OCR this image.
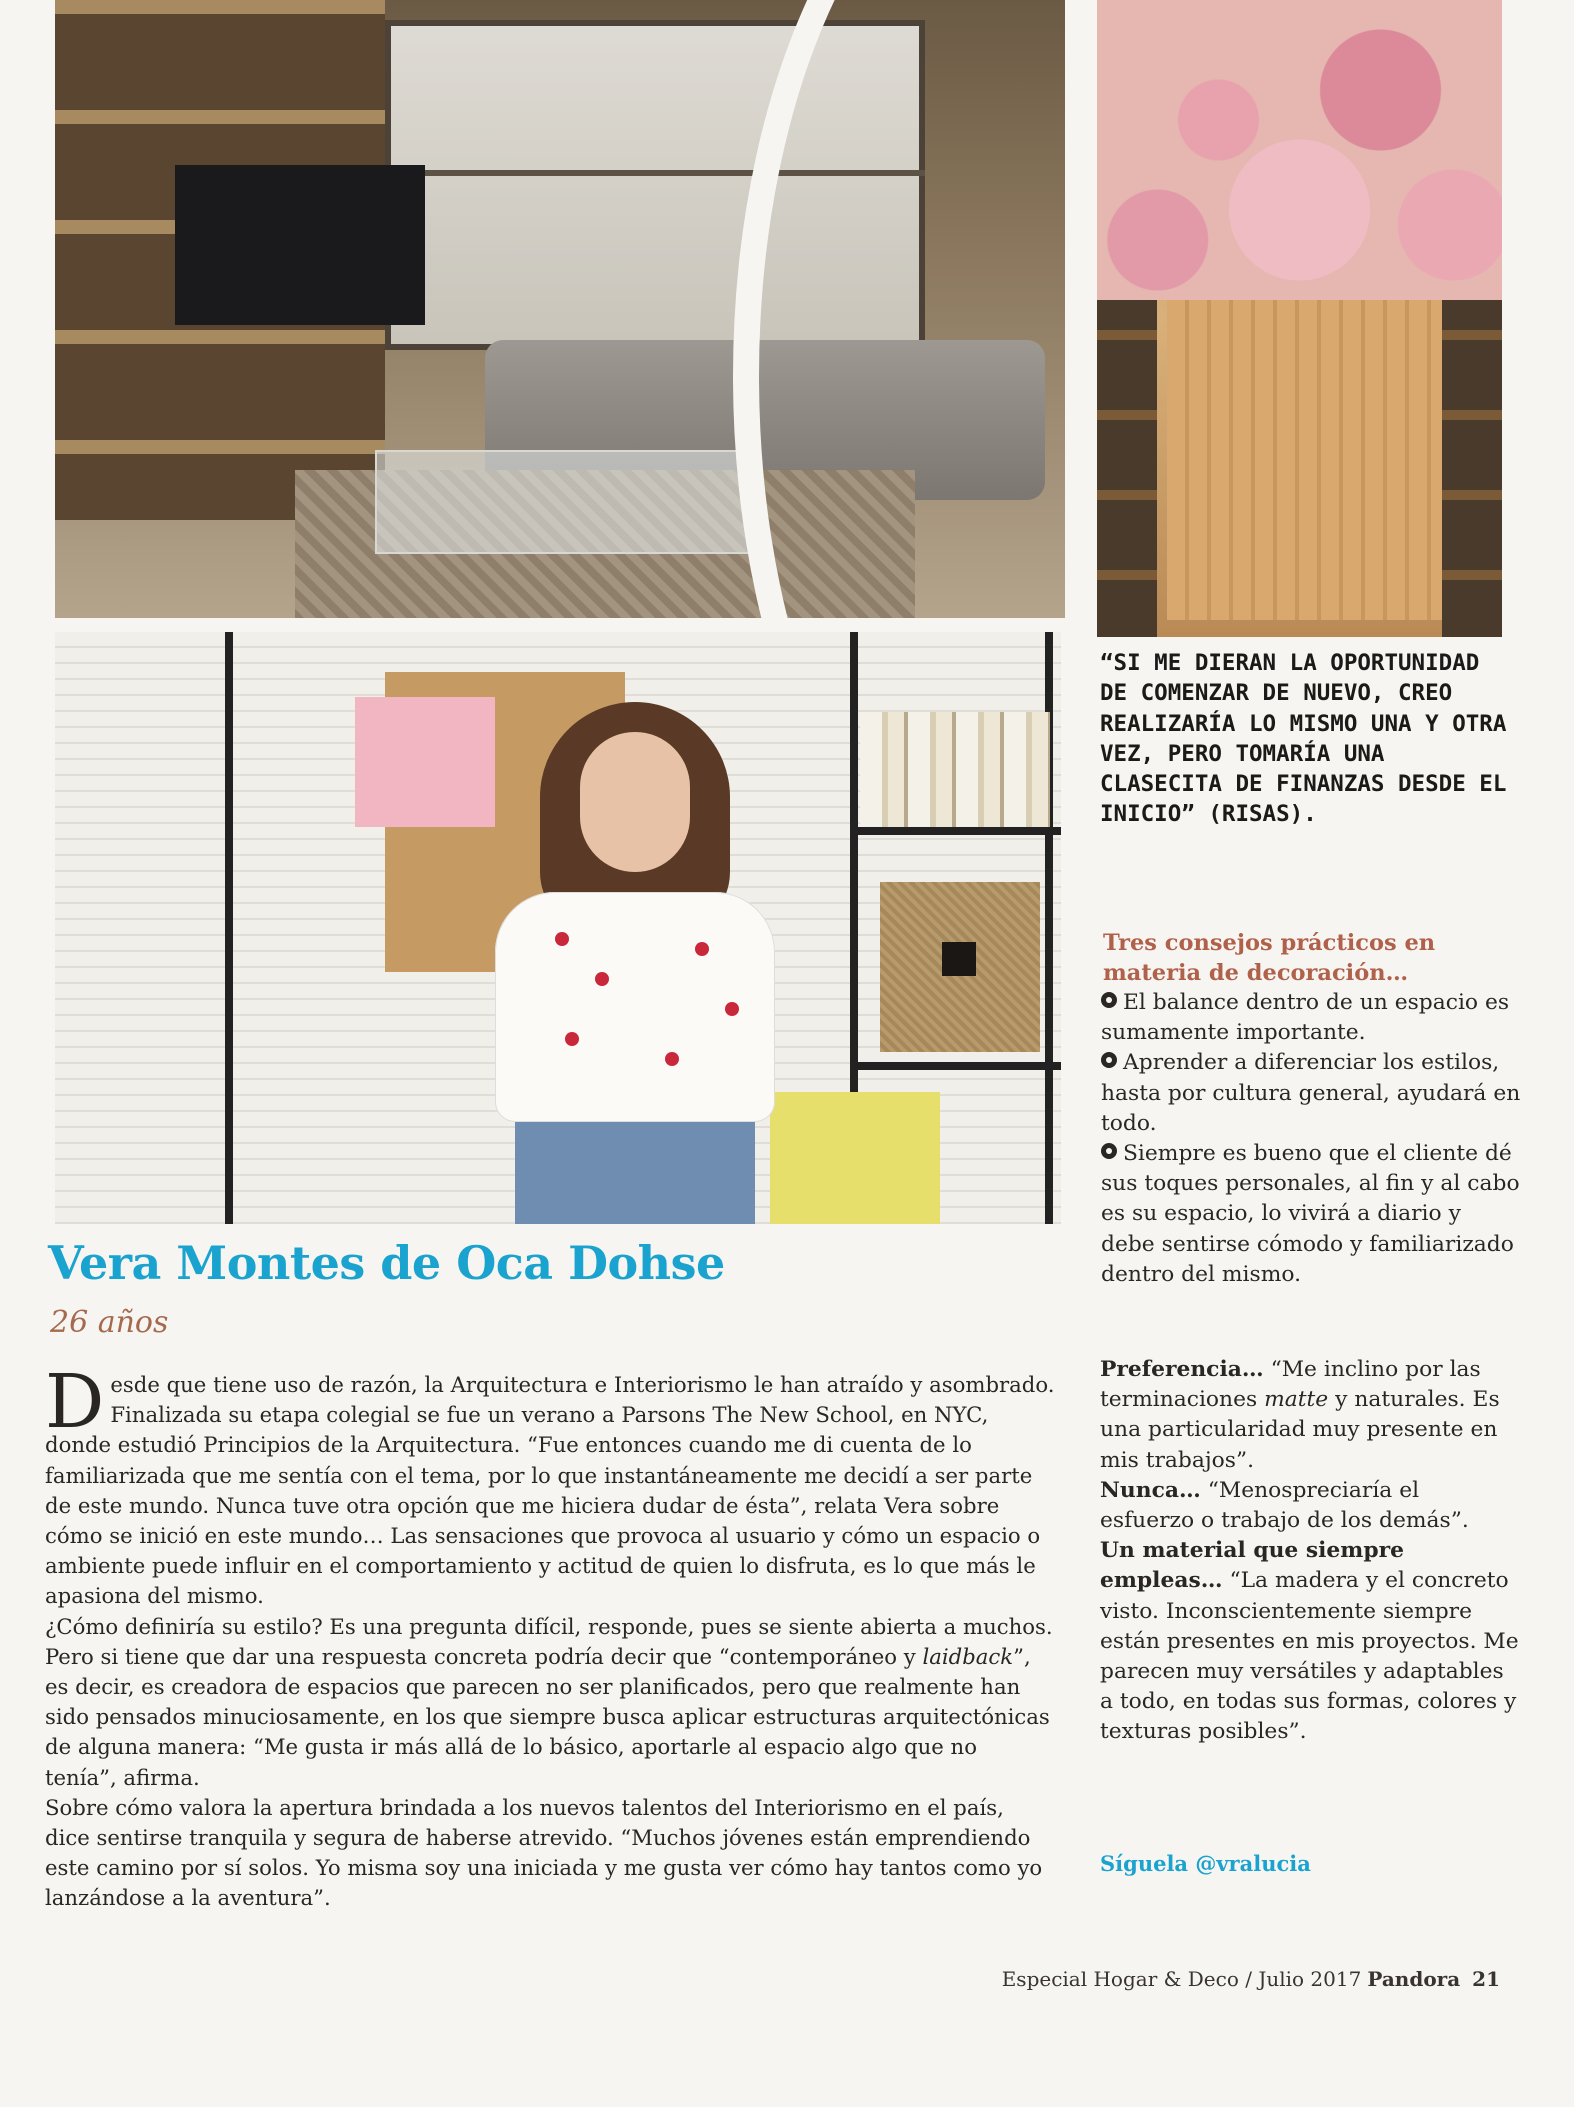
Vera Montes de Oca Dohse
26 años

Desde que tiene uso de razón, la Arquitectura e Interiorismo le han atraído y asombrado. Finalizada su etapa colegial se fue un verano a Parsons The New School, en NYC, donde estudió Principios de la Arquitectura. “Fue entonces cuando me di cuenta de lo familiarizada que me sentía con el tema, por lo que instantáneamente me decidí a ser parte de este mundo. Nunca tuve otra opción que me hiciera dudar de ésta”, relata Vera sobre cómo se inició en este mundo… Las sensaciones que provoca al usuario y cómo un espacio o ambiente puede influir en el comportamiento y actitud de quien lo disfruta, es lo que más le apasiona del mismo.

¿Cómo definiría su estilo? Es una pregunta difícil, responde, pues se siente abierta a muchos. Pero si tiene que dar una respuesta concreta podría decir que “contemporáneo y laidback”, es decir, es creadora de espacios que parecen no ser planificados, pero que realmente han sido pensados minuciosamente, en los que siempre busca aplicar estructuras arquitectónicas de alguna manera: “Me gusta ir más allá de lo básico, aportarle al espacio algo que no tenía”, afirma.

Sobre cómo valora la apertura brindada a los nuevos talentos del Interiorismo en el país, dice sentirse tranquila y segura de haberse atrevido. “Muchos jóvenes están emprendiendo este camino por sí solos. Yo misma soy una iniciada y me gusta ver cómo hay tantos como yo lanzándose a la aventura”.

“SI ME DIERAN LA OPORTUNIDAD DE COMENZAR DE NUEVO, CREO REALIZARÍA LO MISMO UNA Y OTRA VEZ, PERO TOMARÍA UNA CLASECITA DE FINANZAS DESDE EL INICIO” (RISAS).
Tres consejos prácticos en materia de decoración…

El balance dentro de un espacio es sumamente importante.

Aprender a diferenciar los estilos, hasta por cultura general, ayudará en todo.

Siempre es bueno que el cliente dé sus toques personales, al fin y al cabo es su espacio, lo vivirá a diario y debe sentirse cómodo y familiarizado dentro del mismo.

Preferencia… “Me inclino por las terminaciones matte y naturales. Es una particularidad muy presente en mis trabajos”.

Nunca… “Menospreciaría el esfuerzo o trabajo de los demás”.

Un material que siempre empleas… “La madera y el concreto visto. Inconscientemente siempre están presentes en mis proyectos. Me parecen muy versátiles y adaptables a todo, en todas sus formas, colores y texturas posibles”.

Síguela @vralucia
Especial Hogar & Deco / Julio 2017 Pandora 21
